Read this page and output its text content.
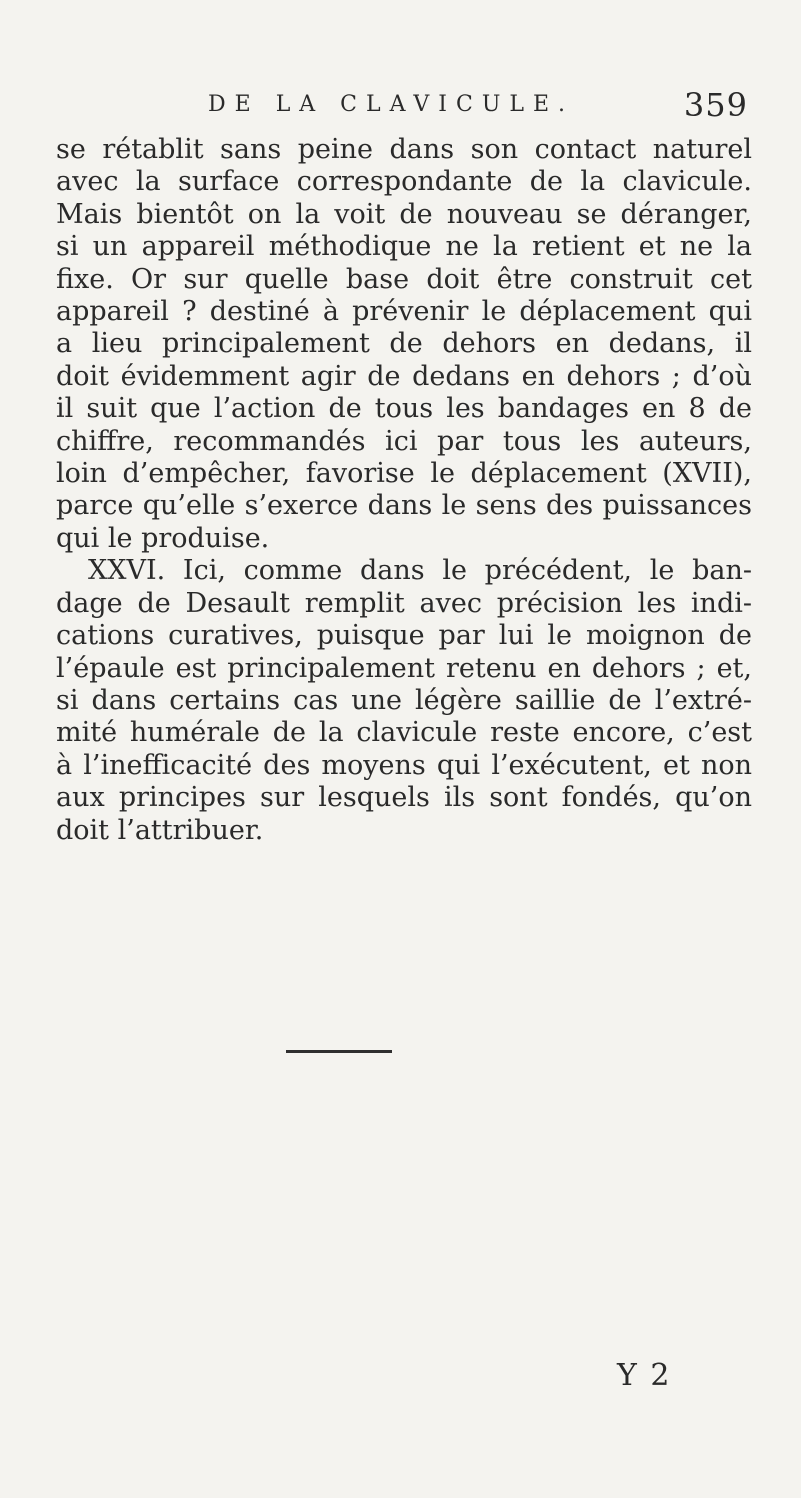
DE LA CLAVICULE.	359
se rétablit sans peine dans son contact naturel
avec la surface correspondante de la clavicule.
Mais bientôt on la voit de nouveau se déranger,
si un appareil méthodique ne la retient et ne la
fixe. Or sur quelle base doit être construit cet
appareil ? destiné à prévenir le déplacement qui
a lieu principalement de dehors en dedans, il
doit évidemment agir de dedans en dehors ; d’où
il suit que l’action de tous les bandages en 8 de
chiffre, recommandés ici par tous les auteurs,
loin d’empêcher, favorise le déplacement (XVII),
parce qu’elle s’exerce dans le sens des puissances
qui le produise.
XXVI. Ici, comme dans le précédent, le ban-
dage de Desault remplit avec précision les indi-
cations curatives, puisque par lui le moignon de
l’épaule est principalement retenu en dehors ; et,
si dans certains cas une légère saillie de l’extré-
mité humérale de la clavicule reste encore, c’est
à l’inefficacité des moyens qui l’exécutent, et non
aux principes sur lesquels ils sont fondés, qu’on
doit l’attribuer.
Y 2
